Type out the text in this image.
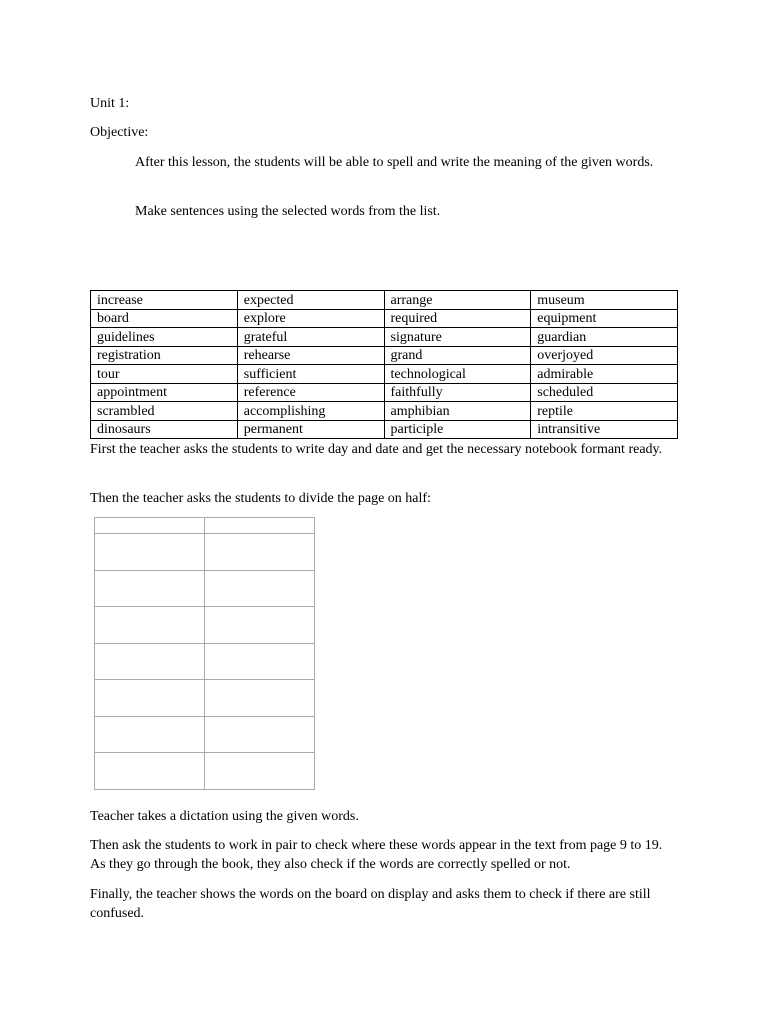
Unit 1:

Objective:

After this lesson, the students will be able to spell and write the meaning of the given words.

Make sentences using the selected words from the list.

increase	expected	arrange	museum
board	explore	required	equipment
guidelines	grateful	signature	guardian
registration	rehearse	grand	overjoyed
tour	sufficient	technological	admirable
appointment	reference	faithfully	scheduled
scrambled	accomplishing	amphibian	reptile
dinosaurs	permanent	participle	intransitive

First the teacher asks the students to write day and date and get the necessary notebook formant ready.

Then the teacher asks the students to divide the page on half:

Teacher takes a dictation using the given words.

Then ask the students to work in pair to check where these words appear in the text from page 9 to 19. As they go through the book, they also check if the words are correctly spelled or not.

Finally, the teacher shows the words on the board on display and asks them to check if there are still confused.
